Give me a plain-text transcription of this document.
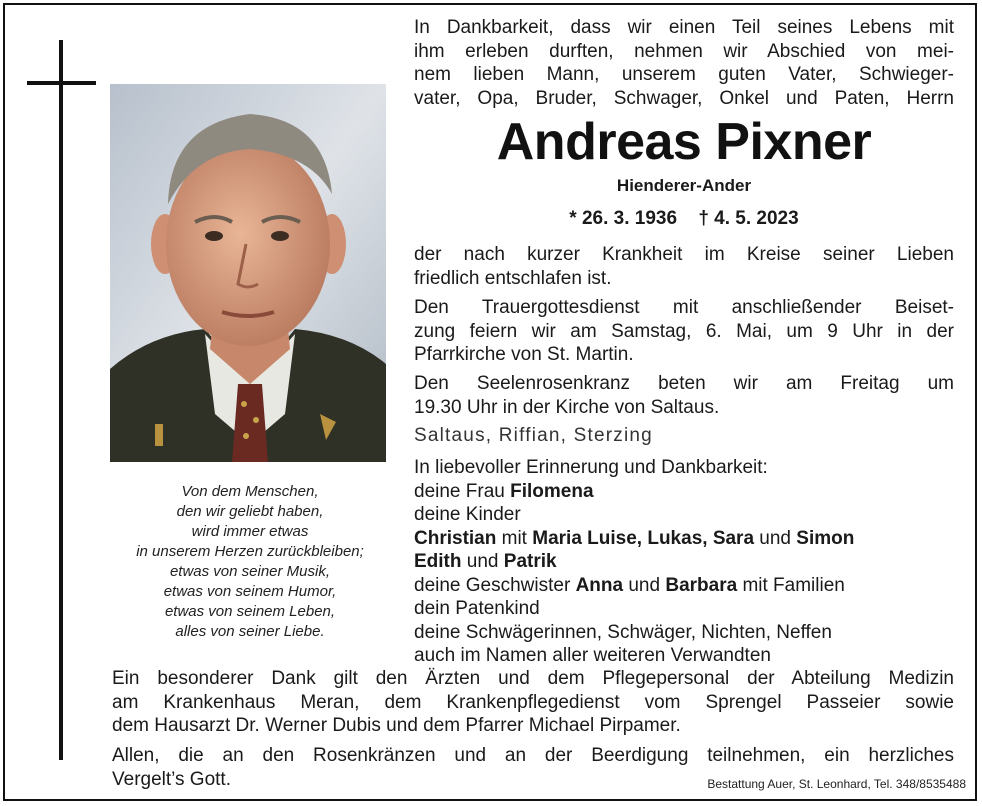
Von dem Menschen,
den wir geliebt haben,
wird immer etwas
in unserem Herzen zurückbleiben;
etwas von seiner Musik,
etwas von seinem Humor,
etwas von seinem Leben,
alles von seiner Liebe.
In Dankbarkeit, dass wir einen Teil seines Lebens mit
ihm erleben durften, nehmen wir Abschied von mei-
nem lieben Mann, unserem guten Vater, Schwieger-
vater, Opa, Bruder, Schwager, Onkel und Paten, Herrn
Andreas Pixner
Hienderer-Ander
* 26. 3. 1936 † 4. 5. 2023
der nach kurzer Krankheit im Kreise seiner Lieben
friedlich entschlafen ist.
Den Trauergottesdienst mit anschließender Beiset-
zung feiern wir am Samstag, 6. Mai, um 9 Uhr in der
Pfarrkirche von St. Martin.
Den Seelenrosenkranz beten wir am Freitag um
19.30 Uhr in der Kirche von Saltaus.
Saltaus, Riffian, Sterzing
In liebevoller Erinnerung und Dankbarkeit:
deine Frau Filomena
deine Kinder
Christian mit Maria Luise, Lukas, Sara und Simon
Edith und Patrik
deine Geschwister Anna und Barbara mit Familien
dein Patenkind
deine Schwägerinnen, Schwäger, Nichten, Neffen
auch im Namen aller weiteren Verwandten
Ein besonderer Dank gilt den Ärzten und dem Pflegepersonal der Abteilung Medizin
am Krankenhaus Meran, dem Krankenpflegedienst vom Sprengel Passeier sowie
dem Hausarzt Dr. Werner Dubis und dem Pfarrer Michael Pirpamer.
Allen, die an den Rosenkränzen und an der Beerdigung teilnehmen, ein herzliches
Vergelt’s Gott.	Bestattung Auer, St. Leonhard, Tel. 348/8535488
